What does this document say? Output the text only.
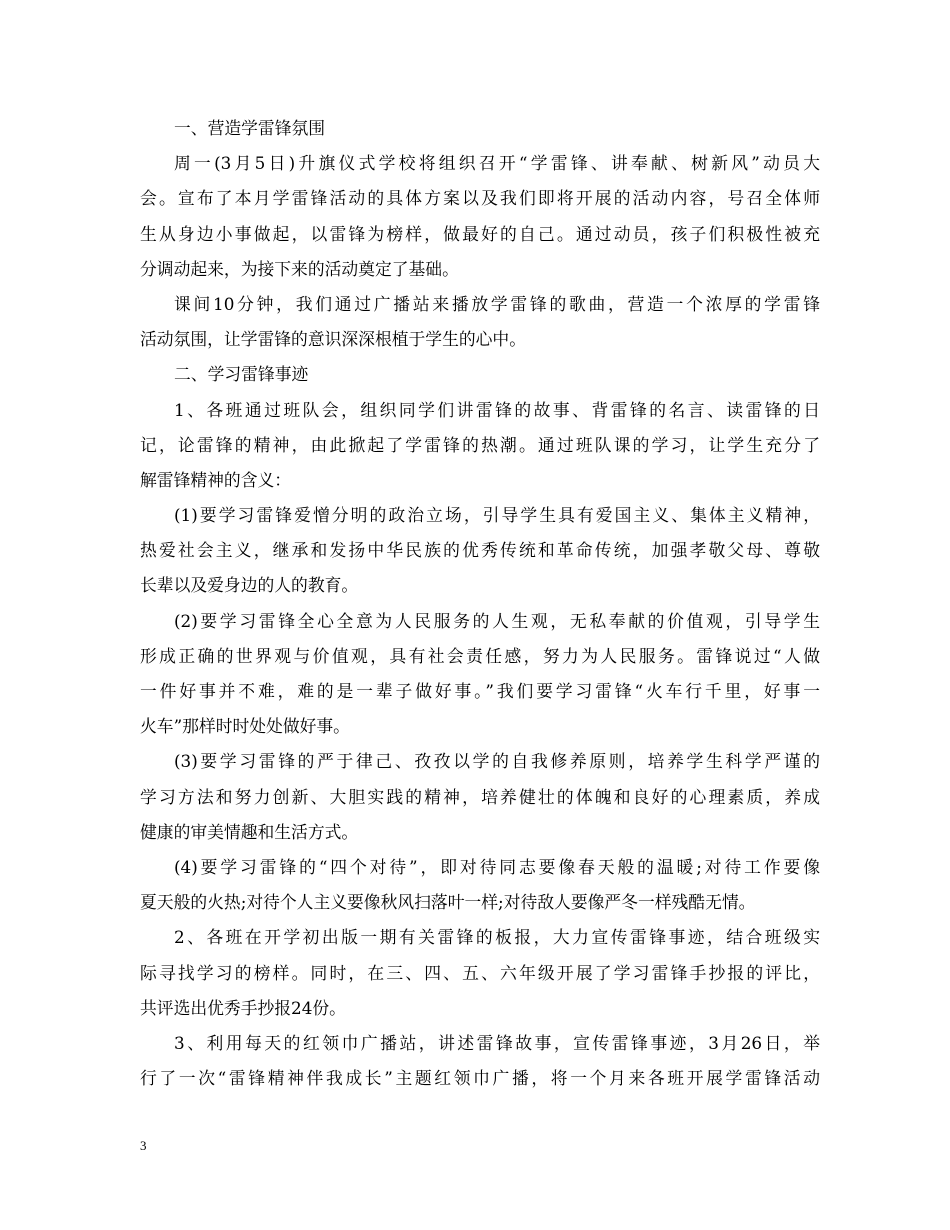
一、营造学雷锋氛围
周一(3月5日)升旗仪式学校将组织召开“学雷锋、讲奉献、树新风”动员大
会。宣布了本月学雷锋活动的具体方案以及我们即将开展的活动内容，号召全体师
生从身边小事做起，以雷锋为榜样，做最好的自己。通过动员，孩子们积极性被充
分调动起来，为接下来的活动奠定了基础。
课间10分钟，我们通过广播站来播放学雷锋的歌曲，营造一个浓厚的学雷锋
活动氛围，让学雷锋的意识深深根植于学生的心中。
二、学习雷锋事迹
1、各班通过班队会，组织同学们讲雷锋的故事、背雷锋的名言、读雷锋的日
记，论雷锋的精神，由此掀起了学雷锋的热潮。通过班队课的学习，让学生充分了
解雷锋精神的含义：
(1)要学习雷锋爱憎分明的政治立场，引导学生具有爱国主义、集体主义精神，
热爱社会主义，继承和发扬中华民族的优秀传统和革命传统，加强孝敬父母、尊敬
长辈以及爱身边的人的教育。
(2)要学习雷锋全心全意为人民服务的人生观，无私奉献的价值观，引导学生
形成正确的世界观与价值观，具有社会责任感，努力为人民服务。雷锋说过“人做
一件好事并不难，难的是一辈子做好事。”我们要学习雷锋“火车行千里，好事一
火车”那样时时处处做好事。
(3)要学习雷锋的严于律己、孜孜以学的自我修养原则，培养学生科学严谨的
学习方法和努力创新、大胆实践的精神，培养健壮的体魄和良好的心理素质，养成
健康的审美情趣和生活方式。
(4)要学习雷锋的“四个对待”，即对待同志要像春天般的温暖;对待工作要像
夏天般的火热;对待个人主义要像秋风扫落叶一样;对待敌人要像严冬一样残酷无情。
2、各班在开学初出版一期有关雷锋的板报，大力宣传雷锋事迹，结合班级实
际寻找学习的榜样。同时，在三、四、五、六年级开展了学习雷锋手抄报的评比，
共评选出优秀手抄报24份。
3、利用每天的红领巾广播站，讲述雷锋故事，宣传雷锋事迹，3月26日，举
行了一次“雷锋精神伴我成长”主题红领巾广播，将一个月来各班开展学雷锋活动
3
